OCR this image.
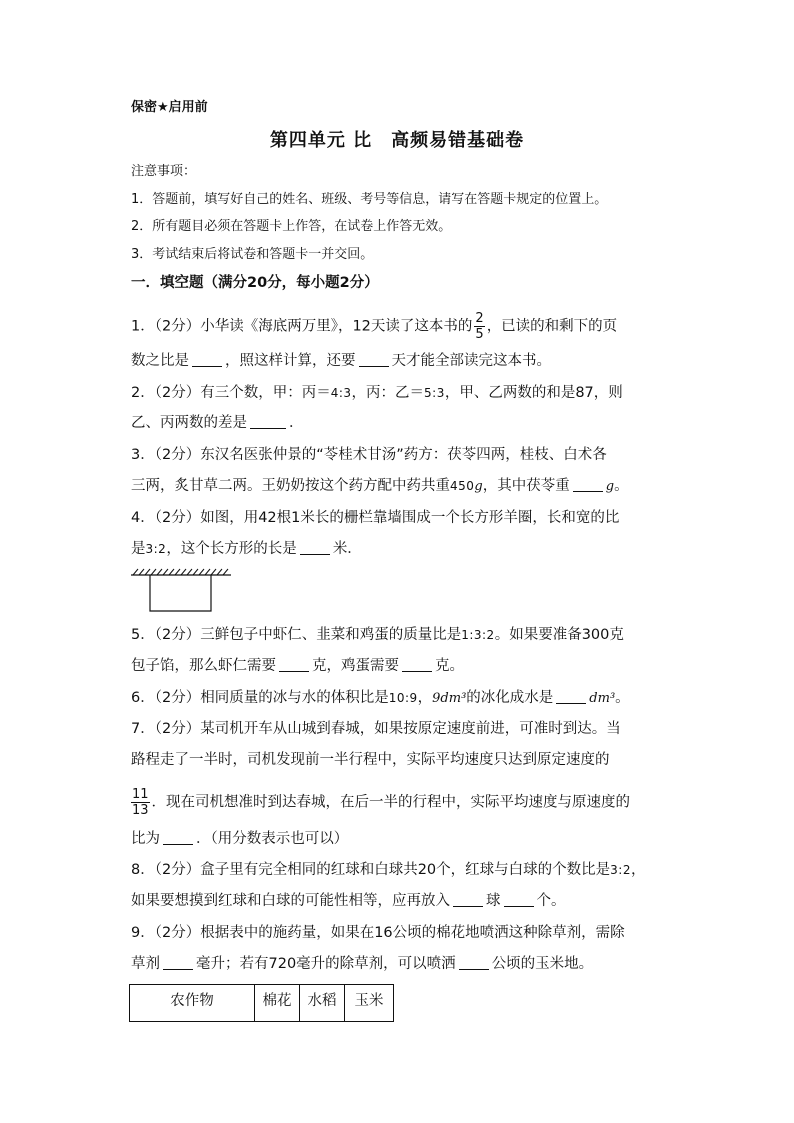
保密★启用前
第四单元 比　高频易错基础卷
注意事项：
1．答题前，填写好自己的姓名、班级、考号等信息，请写在答题卡规定的位置上。
2．所有题目必须在答题卡上作答，在试卷上作答无效。
3．考试结束后将试卷和答题卡一并交回。
一．填空题（满分20分，每小题2分）
1．（2分）小华读《海底两万里》，12天读了这本书的 $\frac{2}{5}$ ，已读的和剩下的页
数之比是 ，照这样计算，还要 天才能全部读完这本书。
2．（2分）有三个数，甲：丙＝4:3，丙：乙＝5:3，甲、乙两数的和是87，则
乙、丙两数的差是	．
3．（2分）东汉名医张仲景的“苓桂术甘汤”药方：茯苓四两，桂枝、白术各
三两，炙甘草二两。王奶奶按这个药方配中药共重450g，其中茯苓重	g。
4．（2分）如图，用42根1米长的栅栏靠墙围成一个长方形羊圈，长和宽的比
是3:2，这个长方形的长是 米．
5．（2分）三鲜包子中虾仁、韭菜和鸡蛋的质量比是1:3:2。如果要准备300克
包子馅，那么虾仁需要 克，鸡蛋需要 克。
6．（2分）相同质量的冰与水的体积比是10:9，9dm³的冰化成水是	dm³。
7．（2分）某司机开车从山城到春城，如果按原定速度前进，可准时到达。当
路程走了一半时，司机发现前一半行程中，实际平均速度只达到原定速度的
$\frac{11}{13}$ ．现在司机想准时到达春城，在后一半的行程中，实际平均速度与原速度的
比为 ．（用分数表示也可以）
8．（2分）盒子里有完全相同的红球和白球共20个，红球与白球的个数比是3:2，
如果要想摸到红球和白球的可能性相等，应再放入 球 个。
9．（2分）根据表中的施药量，如果在16公顷的棉花地喷洒这种除草剂，需除
草剂 毫升；若有720毫升的除草剂，可以喷洒 公顷的玉米地。
农作物	棉花	水稻	玉米
